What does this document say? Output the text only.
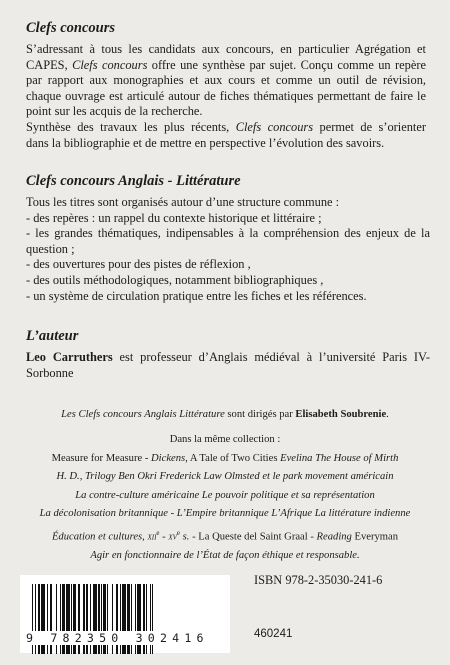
Clefs concours
S’adressant à tous les candidats aux concours, en particulier Agrégation et
CAPES, Clefs concours offre une synthèse par sujet. Conçu comme un repère
par rapport aux monographies et aux cours et comme un outil de révision,
chaque ouvrage est articulé autour de fiches thématiques permettant de faire le
point sur les acquis de la recherche.
Synthèse des travaux les plus récents, Clefs concours permet de s’orienter
dans la bibliographie et de mettre en perspective l’évolution des savoirs.
Clefs concours Anglais - Littérature
Tous les titres sont organisés autour d’une structure commune :
- des repères : un rappel du contexte historique et littéraire ;
- les grandes thématiques, indipensables à la compréhension des enjeux de la
question ;
- des ouvertures pour des pistes de réflexion ,
- des outils méthodologiques, notamment bibliographiques ,
- un système de circulation pratique entre les fiches et les références.
L’auteur
Leo Carruthers est professeur d’Anglais médiéval à l’université Paris IV-
Sorbonne
Les Clefs concours Anglais Littérature sont dirigés par Elisabeth Soubrenie.
Dans la même collection :
Measure for Measure - Dickens, A Tale of Two Cities Evelina The House of Mirth
H. D., Trilogy Ben Okri Frederick Law Olmsted et le park movement américain
La contre-culture américaine Le pouvoir politique et sa représentation
La décolonisation britannique - L’Empire britannique L’Afrique La littérature indienne
Éducation et cultures, $xii^e - xv^e$ s. - La Queste del Saint Graal - Reading Everyman
Agir en fonctionnaire de l’État de façon éthique et responsable.
ISBN 978-2-35030-241-6
9 782350 302416	460241
